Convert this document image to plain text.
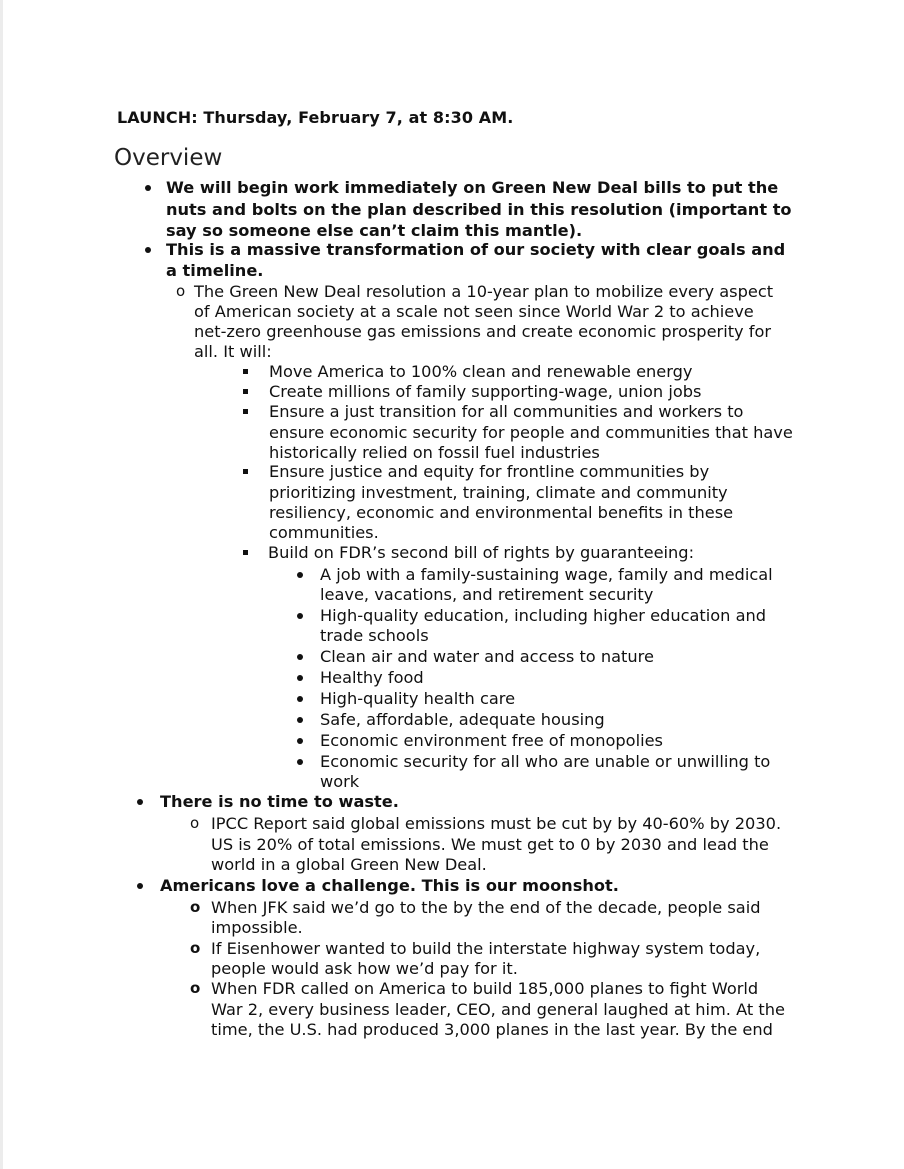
LAUNCH: Thursday, February 7, at 8:30 AM.
Overview
We will begin work immediately on Green New Deal bills to put the
nuts and bolts on the plan described in this resolution (important to
say so someone else can’t claim this mantle).
This is a massive transformation of our society with clear goals and
a timeline.
o The Green New Deal resolution a 10-year plan to mobilize every aspect
of American society at a scale not seen since World War 2 to achieve
net-zero greenhouse gas emissions and create economic prosperity for
all. It will:
Move America to 100% clean and renewable energy
Create millions of family supporting-wage, union jobs
Ensure a just transition for all communities and workers to
ensure economic security for people and communities that have
historically relied on fossil fuel industries
Ensure justice and equity for frontline communities by
prioritizing investment, training, climate and community
resiliency, economic and environmental benefits in these
communities.
Build on FDR’s second bill of rights by guaranteeing:
A job with a family-sustaining wage, family and medical
leave, vacations, and retirement security
High-quality education, including higher education and
trade schools
Clean air and water and access to nature
Healthy food
High-quality health care
Safe, affordable, adequate housing
Economic environment free of monopolies
Economic security for all who are unable or unwilling to
work
There is no time to waste.
o IPCC Report said global emissions must be cut by by 40-60% by 2030.
US is 20% of total emissions. We must get to 0 by 2030 and lead the
world in a global Green New Deal.
Americans love a challenge. This is our moonshot.
o When JFK said we’d go to the by the end of the decade, people said
impossible.
o If Eisenhower wanted to build the interstate highway system today,
people would ask how we’d pay for it.
o When FDR called on America to build 185,000 planes to fight World
War 2, every business leader, CEO, and general laughed at him. At the
time, the U.S. had produced 3,000 planes in the last year. By the end
